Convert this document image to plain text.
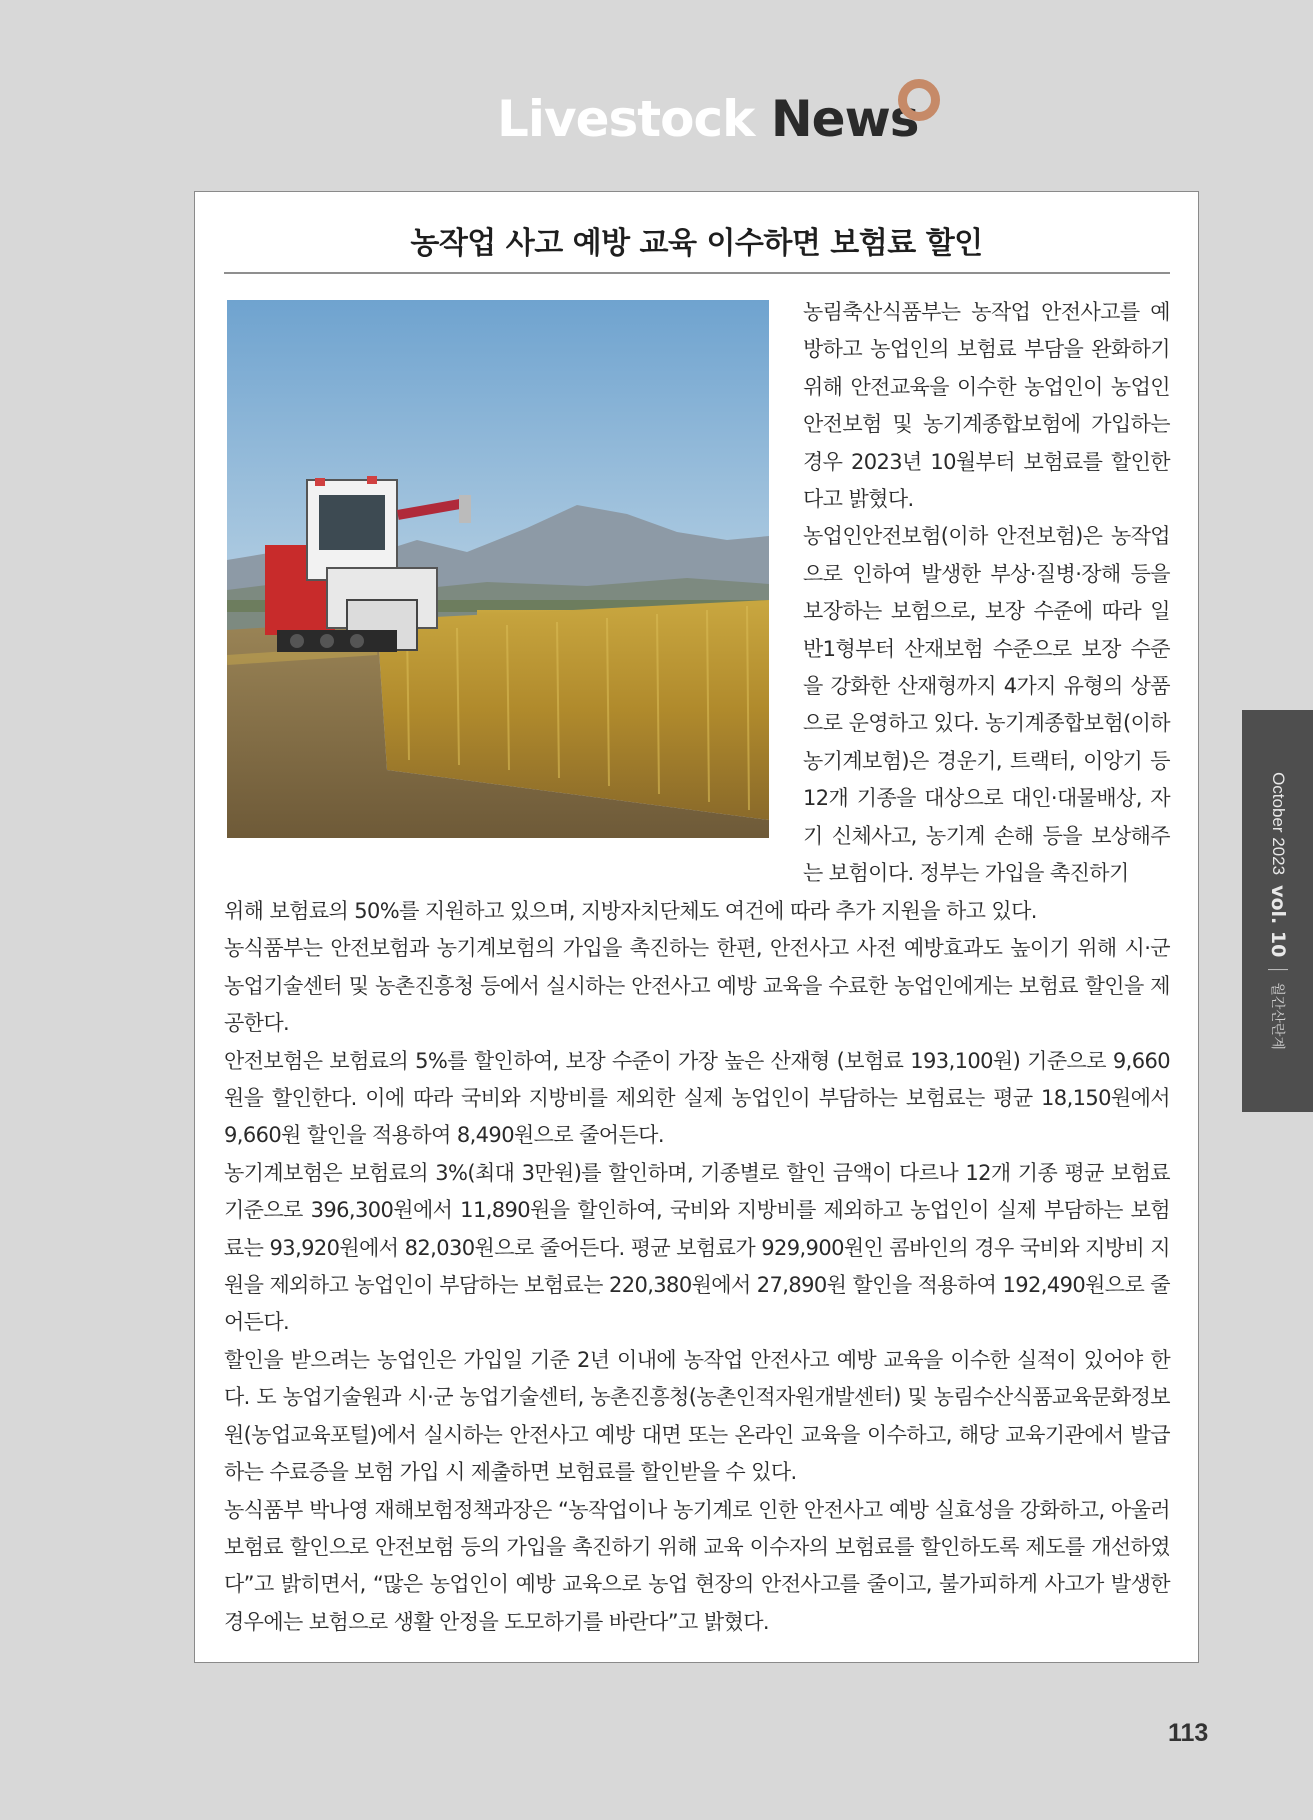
Livestock News
농작업 사고 예방 교육 이수하면 보험료 할인

농림축산식품부는 농작업 안전사고를 예방하고 농업인의 보험료 부담을 완화하기 위해 안전교육을 이수한 농업인이 농업인안전보험 및 농기계종합보험에 가입하는 경우 2023년 10월부터 보험료를 할인한다고 밝혔다.

농업인안전보험(이하 안전보험)은 농작업으로 인하여 발생한 부상·질병·장해 등을 보장하는 보험으로, 보장 수준에 따라 일반1형부터 산재보험 수준으로 보장 수준을 강화한 산재형까지 4가지 유형의 상품으로 운영하고 있다. 농기계종합보험(이하 농기계보험)은 경운기, 트랙터, 이앙기 등 12개 기종을 대상으로 대인·대물배상, 자기 신체사고, 농기계 손해 등을 보상해주는 보험이다. 정부는 가입을 촉진하기

위해 보험료의 50%를 지원하고 있으며, 지방자치단체도 여건에 따라 추가 지원을 하고 있다.

농식품부는 안전보험과 농기계보험의 가입을 촉진하는 한편, 안전사고 사전 예방효과도 높이기 위해 시·군 농업기술센터 및 농촌진흥청 등에서 실시하는 안전사고 예방 교육을 수료한 농업인에게는 보험료 할인을 제공한다.

안전보험은 보험료의 5%를 할인하여, 보장 수준이 가장 높은 산재형 (보험료 193,100원) 기준으로 9,660원을 할인한다. 이에 따라 국비와 지방비를 제외한 실제 농업인이 부담하는 보험료는 평균 18,150원에서 9,660원 할인을 적용하여 8,490원으로 줄어든다.

농기계보험은 보험료의 3%(최대 3만원)를 할인하며, 기종별로 할인 금액이 다르나 12개 기종 평균 보험료 기준으로 396,300원에서 11,890원을 할인하여, 국비와 지방비를 제외하고 농업인이 실제 부담하는 보험료는 93,920원에서 82,030원으로 줄어든다. 평균 보험료가 929,900원인 콤바인의 경우 국비와 지방비 지원을 제외하고 농업인이 부담하는 보험료는 220,380원에서 27,890원 할인을 적용하여 192,490원으로 줄어든다.

할인을 받으려는 농업인은 가입일 기준 2년 이내에 농작업 안전사고 예방 교육을 이수한 실적이 있어야 한다. 도 농업기술원과 시·군 농업기술센터, 농촌진흥청(농촌인적자원개발센터) 및 농림수산식품교육문화정보원(농업교육포털)에서 실시하는 안전사고 예방 대면 또는 온라인 교육을 이수하고, 해당 교육기관에서 발급하는 수료증을 보험 가입 시 제출하면 보험료를 할인받을 수 있다.

농식품부 박나영 재해보험정책과장은 “농작업이나 농기계로 인한 안전사고 예방 실효성을 강화하고, 아울러 보험료 할인으로 안전보험 등의 가입을 촉진하기 위해 교육 이수자의 보험료를 할인하도록 제도를 개선하였다”고 밝히면서, “많은 농업인이 예방 교육으로 농업 현장의 안전사고를 줄이고, 불가피하게 사고가 발생한 경우에는 보험으로 생활 안정을 도모하기를 바란다”고 밝혔다.

October 2023
vol. 10
월간산란계
113
